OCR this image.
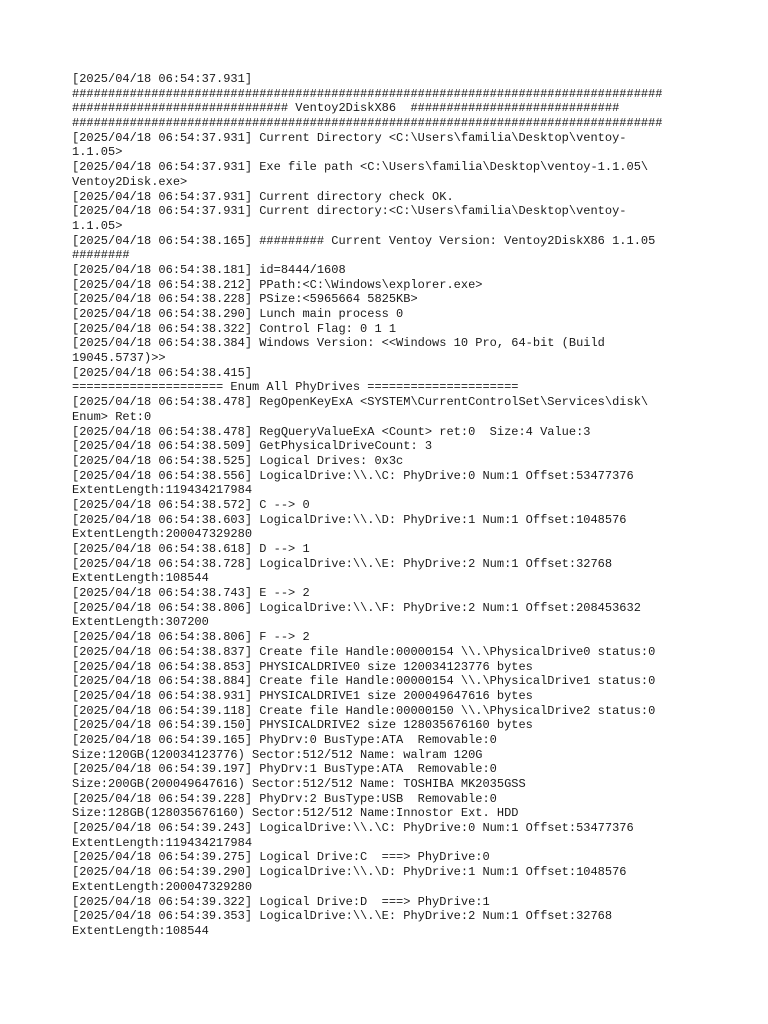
[2025/04/18 06:54:37.931]
##################################################################################
############################## Ventoy2DiskX86  #############################
##################################################################################
[2025/04/18 06:54:37.931] Current Directory <C:\Users\familia\Desktop\ventoy-
1.1.05>
[2025/04/18 06:54:37.931] Exe file path <C:\Users\familia\Desktop\ventoy-1.1.05\
Ventoy2Disk.exe>
[2025/04/18 06:54:37.931] Current directory check OK.
[2025/04/18 06:54:37.931] Current directory:<C:\Users\familia\Desktop\ventoy-
1.1.05>
[2025/04/18 06:54:38.165] ######### Current Ventoy Version: Ventoy2DiskX86 1.1.05
########
[2025/04/18 06:54:38.181] id=8444/1608
[2025/04/18 06:54:38.212] PPath:<C:\Windows\explorer.exe>
[2025/04/18 06:54:38.228] PSize:<5965664 5825KB>
[2025/04/18 06:54:38.290] Lunch main process 0
[2025/04/18 06:54:38.322] Control Flag: 0 1 1
[2025/04/18 06:54:38.384] Windows Version: <<Windows 10 Pro, 64-bit (Build
19045.5737)>>
[2025/04/18 06:54:38.415]
===================== Enum All PhyDrives =====================
[2025/04/18 06:54:38.478] RegOpenKeyExA <SYSTEM\CurrentControlSet\Services\disk\
Enum> Ret:0
[2025/04/18 06:54:38.478] RegQueryValueExA <Count> ret:0  Size:4 Value:3
[2025/04/18 06:54:38.509] GetPhysicalDriveCount: 3
[2025/04/18 06:54:38.525] Logical Drives: 0x3c
[2025/04/18 06:54:38.556] LogicalDrive:\\.\C: PhyDrive:0 Num:1 Offset:53477376
ExtentLength:119434217984
[2025/04/18 06:54:38.572] C --> 0
[2025/04/18 06:54:38.603] LogicalDrive:\\.\D: PhyDrive:1 Num:1 Offset:1048576
ExtentLength:200047329280
[2025/04/18 06:54:38.618] D --> 1
[2025/04/18 06:54:38.728] LogicalDrive:\\.\E: PhyDrive:2 Num:1 Offset:32768
ExtentLength:108544
[2025/04/18 06:54:38.743] E --> 2
[2025/04/18 06:54:38.806] LogicalDrive:\\.\F: PhyDrive:2 Num:1 Offset:208453632
ExtentLength:307200
[2025/04/18 06:54:38.806] F --> 2
[2025/04/18 06:54:38.837] Create file Handle:00000154 \\.\PhysicalDrive0 status:0
[2025/04/18 06:54:38.853] PHYSICALDRIVE0 size 120034123776 bytes
[2025/04/18 06:54:38.884] Create file Handle:00000154 \\.\PhysicalDrive1 status:0
[2025/04/18 06:54:38.931] PHYSICALDRIVE1 size 200049647616 bytes
[2025/04/18 06:54:39.118] Create file Handle:00000150 \\.\PhysicalDrive2 status:0
[2025/04/18 06:54:39.150] PHYSICALDRIVE2 size 128035676160 bytes
[2025/04/18 06:54:39.165] PhyDrv:0 BusType:ATA  Removable:0
Size:120GB(120034123776) Sector:512/512 Name: walram 120G
[2025/04/18 06:54:39.197] PhyDrv:1 BusType:ATA  Removable:0
Size:200GB(200049647616) Sector:512/512 Name: TOSHIBA MK2035GSS
[2025/04/18 06:54:39.228] PhyDrv:2 BusType:USB  Removable:0
Size:128GB(128035676160) Sector:512/512 Name:Innostor Ext. HDD
[2025/04/18 06:54:39.243] LogicalDrive:\\.\C: PhyDrive:0 Num:1 Offset:53477376
ExtentLength:119434217984
[2025/04/18 06:54:39.275] Logical Drive:C  ===> PhyDrive:0
[2025/04/18 06:54:39.290] LogicalDrive:\\.\D: PhyDrive:1 Num:1 Offset:1048576
ExtentLength:200047329280
[2025/04/18 06:54:39.322] Logical Drive:D  ===> PhyDrive:1
[2025/04/18 06:54:39.353] LogicalDrive:\\.\E: PhyDrive:2 Num:1 Offset:32768
ExtentLength:108544
